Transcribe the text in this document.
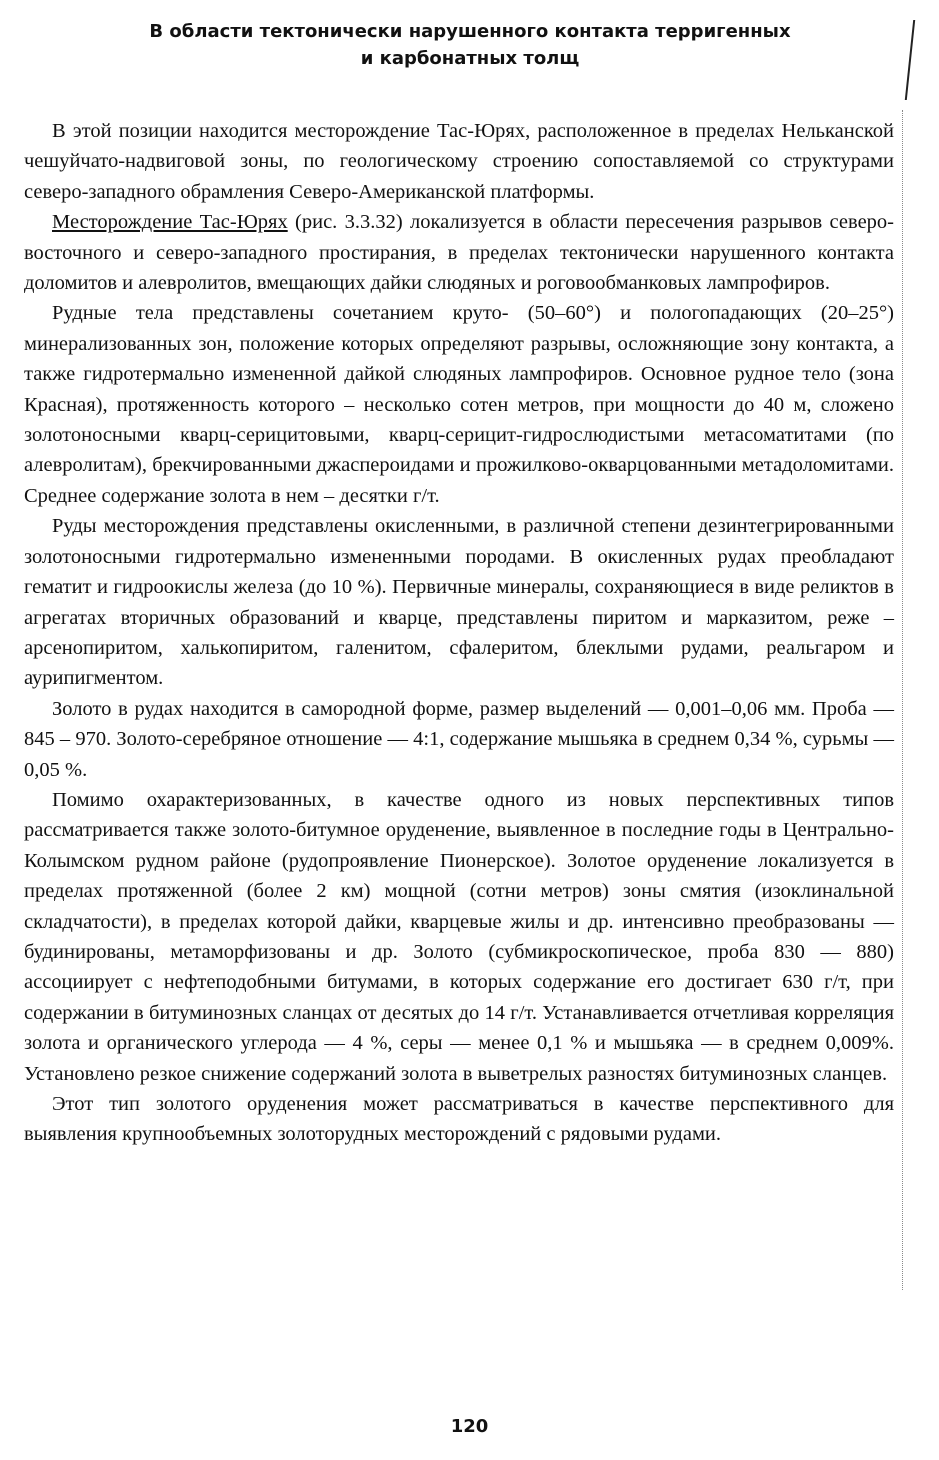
В области тектонически нарушенного контакта терригенных
и карбонатных толщ

В этой позиции находится месторождение Тас-Юрях, расположенное в пределах Нельканской чешуйчато-надвиговой зоны, по геологическому строению сопоставляемой со структурами северо-западного обрамления Северо-Американской платформы.

Месторождение Тас-Юрях (рис. 3.3.32) локализуется в области пересечения разрывов северо-восточного и северо-западного простирания, в пределах тектонически нарушенного контакта доломитов и алевролитов, вмещающих дайки слюдяных и роговообманковых лампрофиров.

Рудные тела представлены сочетанием круто- (50–60°) и пологопадающих (20–25°) минерализованных зон, положение которых определяют разрывы, осложняющие зону контакта, а также гидротермально измененной дайкой слюдяных лампрофиров. Основное рудное тело (зона Красная), протяженность которого – несколько сотен метров, при мощности до 40 м, сложено золотоносными кварц-серицитовыми, кварц-серицит-гидрослюдистыми метасоматитами (по алевролитам), брекчированными джаспероидами и прожилково-окварцованными метадоломитами. Среднее содержание золота в нем – десятки г/т.

Руды месторождения представлены окисленными, в различной степени дезинтегрированными золотоносными гидротермально измененными породами. В окисленных рудах преобладают гематит и гидроокислы железа (до 10 %). Первичные минералы, сохраняющиеся в виде реликтов в агрегатах вторичных образований и кварце, представлены пиритом и марказитом, реже – арсенопиритом, халькопиритом, галенитом, сфалеритом, блеклыми рудами, реальгаром и аурипигментом.

Золото в рудах находится в самородной форме, размер выделений — 0,001–0,06 мм. Проба — 845 – 970. Золото-серебряное отношение — 4:1, содержание мышьяка в среднем 0,34 %, сурьмы — 0,05 %.

Помимо охарактеризованных, в качестве одного из новых перспективных типов рассматривается также золото-битумное оруденение, выявленное в последние годы в Центрально-Колымском рудном районе (рудопроявление Пионерское). Золотое оруденение локализуется в пределах протяженной (более 2 км) мощной (сотни метров) зоны смятия (изоклинальной складчатости), в пределах которой дайки, кварцевые жилы и др. интенсивно преобразованы — будинированы, метаморфизованы и др. Золото (субмикроскопическое, проба 830 — 880) ассоциирует с нефтеподобными битумами, в которых содержание его достигает 630 г/т, при содержании в битуминозных сланцах от десятых до 14 г/т. Устанавливается отчетливая корреляция золота и органического углерода — 4 %, серы — менее 0,1 % и мышьяка — в среднем 0,009%. Установлено резкое снижение содержаний золота в выветрелых разностях битуминозных сланцев.

Этот тип золотого оруденения может рассматриваться в качестве перспективного для выявления крупнообъемных золоторудных месторождений с рядовыми рудами.

120
